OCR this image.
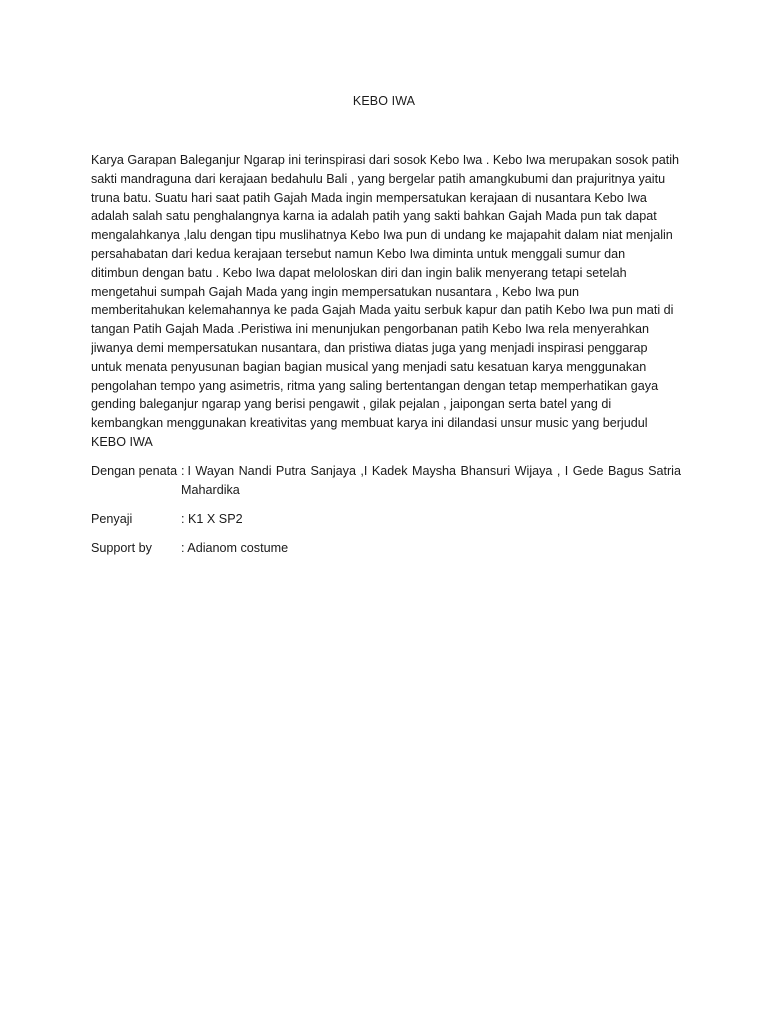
KEBO IWA
Karya Garapan Baleganjur Ngarap ini terinspirasi dari sosok Kebo Iwa . Kebo Iwa merupakan sosok patih
sakti mandraguna dari kerajaan bedahulu Bali , yang bergelar patih amangkubumi dan prajuritnya yaitu
truna batu. Suatu hari saat patih Gajah Mada ingin mempersatukan kerajaan di nusantara Kebo Iwa
adalah salah satu penghalangnya karna ia adalah patih yang sakti bahkan Gajah Mada pun tak dapat
mengalahkanya ,lalu dengan tipu muslihatnya Kebo Iwa pun di undang ke majapahit dalam niat menjalin
persahabatan dari kedua kerajaan tersebut namun Kebo Iwa diminta untuk menggali sumur dan
ditimbun dengan batu . Kebo Iwa dapat meloloskan diri dan ingin balik menyerang tetapi setelah
mengetahui sumpah Gajah Mada yang ingin mempersatukan nusantara , Kebo Iwa pun
memberitahukan kelemahannya ke pada Gajah Mada yaitu serbuk kapur dan patih Kebo Iwa pun mati di
tangan Patih Gajah Mada .Peristiwa ini menunjukan pengorbanan patih Kebo Iwa rela menyerahkan
jiwanya demi mempersatukan nusantara, dan pristiwa diatas juga yang menjadi inspirasi penggarap
untuk menata penyusunan bagian bagian musical yang menjadi satu kesatuan karya menggunakan
pengolahan tempo yang asimetris, ritma yang saling bertentangan dengan tetap memperhatikan gaya
gending baleganjur ngarap yang berisi pengawit , gilak pejalan , jaipongan serta batel yang di
kembangkan menggunakan kreativitas yang membuat karya ini dilandasi unsur music yang berjudul
KEBO IWA
Dengan penata : I Wayan Nandi Putra Sanjaya ,I Kadek Maysha Bhansuri Wijaya , I Gede Bagus Satria
Mahardika
Penyaji	: K1 X SP2
Support by	: Adianom costume
